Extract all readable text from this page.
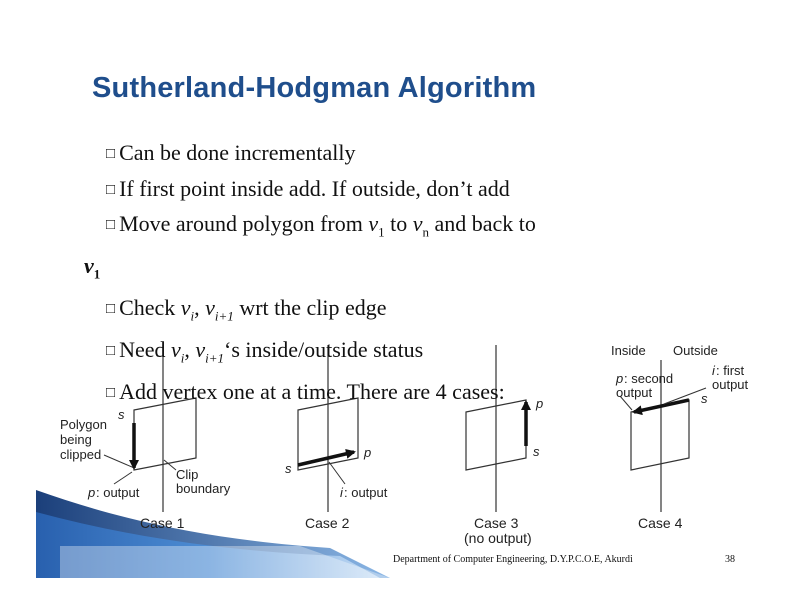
s
Polygon
being
clipped
Clip
boundary
p : output
Case 1
s
p
i : output
Case 2
s
p
Case 3
(no output)
Inside Outside
s
p : second
output
i : first
output
Case 4
Sutherland-Hodgman Algorithm
□ Can be done incrementally
□ If first point inside add. If outside, don’t add
□ Move around polygon from $v_1$ to $v_n$ and back to
$v_1$
□ Check $v_i$, $v_{i+1}$ wrt the clip edge
□ Need $v_i$, $v_{i+1}‘s$ inside/outside status
□ Add vertex one at a time. There are 4 cases:
Department of Computer Engineering, D.Y.P.C.O.E, Akurdi	38
